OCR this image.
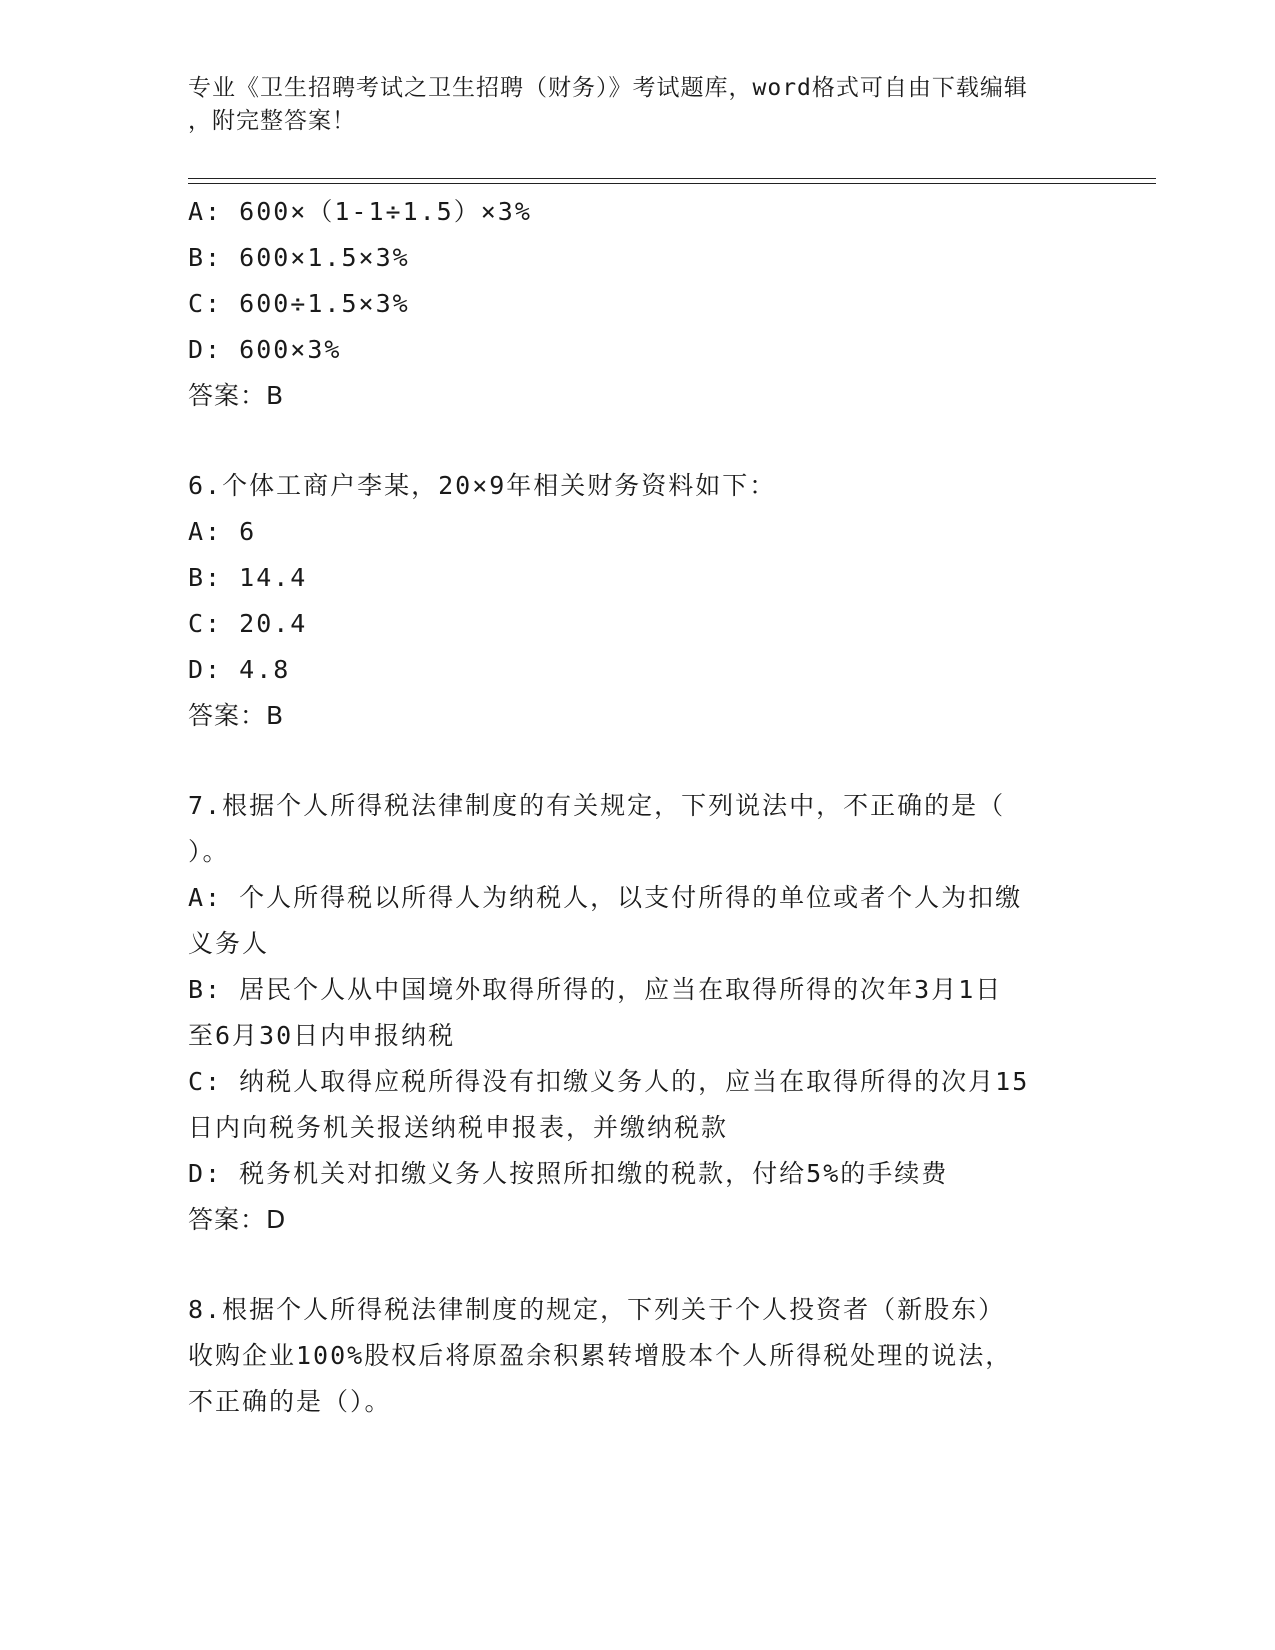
专业《卫生招聘考试之卫生招聘（财务）》考试题库，word格式可自由下载编辑
，附完整答案！
A: 600×（1-1÷1.5）×3%
B: 600×1.5×3%
C: 600÷1.5×3%
D: 600×3%
答案：B
6.个体工商户李某，20×9年相关财务资料如下：
A: 6
B: 14.4
C: 20.4
D: 4.8
答案：B
7.根据个人所得税法律制度的有关规定，下列说法中，不正确的是（
）。
A: 个人所得税以所得人为纳税人，以支付所得的单位或者个人为扣缴
义务人
B: 居民个人从中国境外取得所得的，应当在取得所得的次年3月1日
至6月30日内申报纳税
C: 纳税人取得应税所得没有扣缴义务人的，应当在取得所得的次月15
日内向税务机关报送纳税申报表，并缴纳税款
D: 税务机关对扣缴义务人按照所扣缴的税款，付给5%的手续费
答案：D
8.根据个人所得税法律制度的规定，下列关于个人投资者（新股东）
收购企业100%股权后将原盈余积累转增股本个人所得税处理的说法，
不正确的是（）。
